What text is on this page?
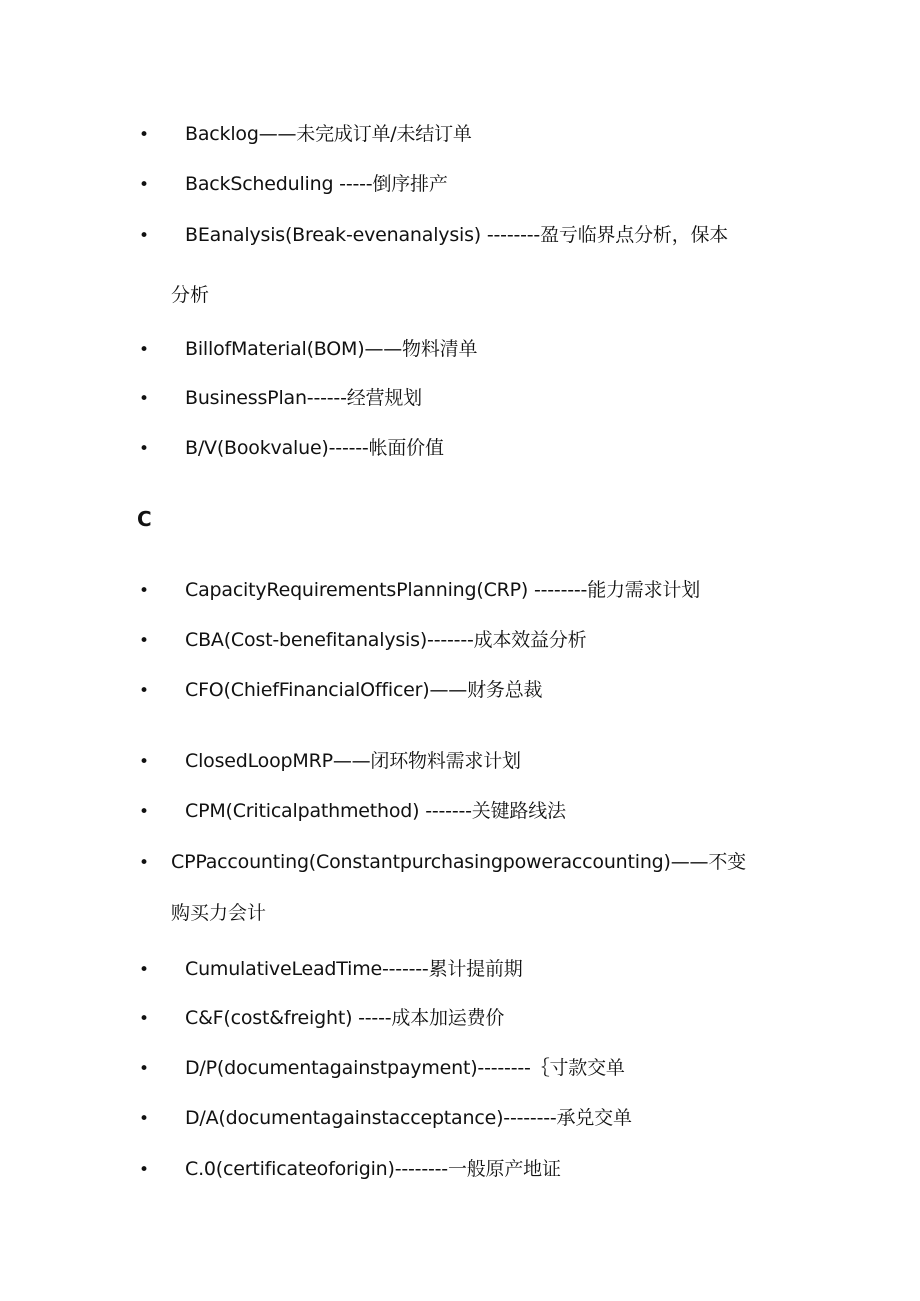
• Backlog——未完成订单/未结订单
• BackScheduling -----倒序排产
• BEanalysis(Break-evenanalysis) --------盈亏临界点分析，保本
分析
• BillofMaterial(BOM)——物料清单
• BusinessPlan------经营规划
• B/V(Bookvalue)------帐面价值
C
• CapacityRequirementsPlanning(CRP) --------能力需求计划
• CBA(Cost-benefitanalysis)-------成本效益分析
• CFO(ChiefFinancialOfficer)——财务总裁
• ClosedLoopMRP——闭环物料需求计划
• CPM(Criticalpathmethod) -------关键路线法
• CPPaccounting(Constantpurchasingpoweraccounting)——不变
购买力会计
• CumulativeLeadTime-------累计提前期
• C&F(cost&freight) -----成本加运费价
• D/P(documentagainstpayment)--------｛寸款交单
• D/A(documentagainstacceptance)--------承兑交单
• C.0(certificateoforigin)--------一般原产地证
